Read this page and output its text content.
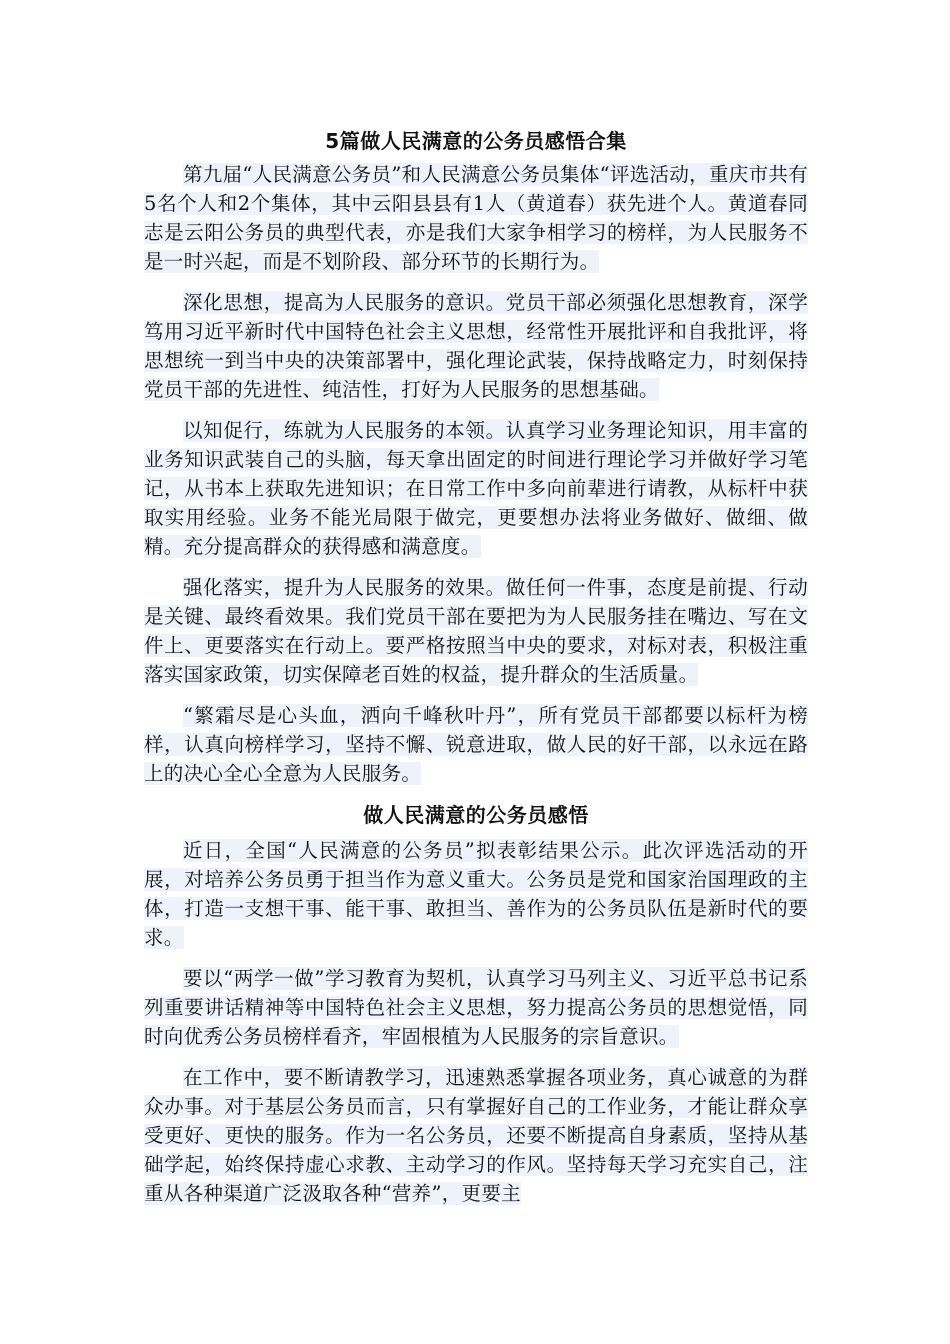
5篇做人民满意的公务员感悟合集

第九届“人民满意公务员”和人民满意公务员集体“评选活动，重庆市共有5名个人和2个集体，其中云阳县县有1人（黄道春）获先进个人。黄道春同志是云阳公务员的典型代表，亦是我们大家争相学习的榜样，为人民服务不是一时兴起，而是不划阶段、部分环节的长期行为。

深化思想，提高为人民服务的意识。党员干部必须强化思想教育，深学笃用习近平新时代中国特色社会主义思想，经常性开展批评和自我批评，将思想统一到当中央的决策部署中，强化理论武装，保持战略定力，时刻保持党员干部的先进性、纯洁性，打好为人民服务的思想基础。

以知促行，练就为人民服务的本领。认真学习业务理论知识，用丰富的业务知识武装自己的头脑，每天拿出固定的时间进行理论学习并做好学习笔记，从书本上获取先进知识；在日常工作中多向前辈进行请教，从标杆中获取实用经验。业务不能光局限于做完，更要想办法将业务做好、做细、做精。充分提高群众的获得感和满意度。

强化落实，提升为人民服务的效果。做任何一件事，态度是前提、行动是关键、最终看效果。我们党员干部在要把为为人民服务挂在嘴边、写在文件上、更要落实在行动上。要严格按照当中央的要求，对标对表，积极注重落实国家政策，切实保障老百姓的权益，提升群众的生活质量。

“繁霜尽是心头血，洒向千峰秋叶丹”，所有党员干部都要以标杆为榜样，认真向榜样学习，坚持不懈、锐意进取，做人民的好干部，以永远在路上的决心全心全意为人民服务。

做人民满意的公务员感悟

近日，全国“人民满意的公务员”拟表彰结果公示。此次评选活动的开展，对培养公务员勇于担当作为意义重大。公务员是党和国家治国理政的主体，打造一支想干事、能干事、敢担当、善作为的公务员队伍是新时代的要求。

要以“两学一做”学习教育为契机，认真学习马列主义、习近平总书记系列重要讲话精神等中国特色社会主义思想，努力提高公务员的思想觉悟，同时向优秀公务员榜样看齐，牢固根植为人民服务的宗旨意识。

在工作中，要不断请教学习，迅速熟悉掌握各项业务，真心诚意的为群众办事。对于基层公务员而言，只有掌握好自己的工作业务，才能让群众享受更好、更快的服务。作为一名公务员，还要不断提高自身素质，坚持从基础学起，始终保持虚心求教、主动学习的作风。坚持每天学习充实自己，注重从各种渠道广泛汲取各种“营养”，更要主
